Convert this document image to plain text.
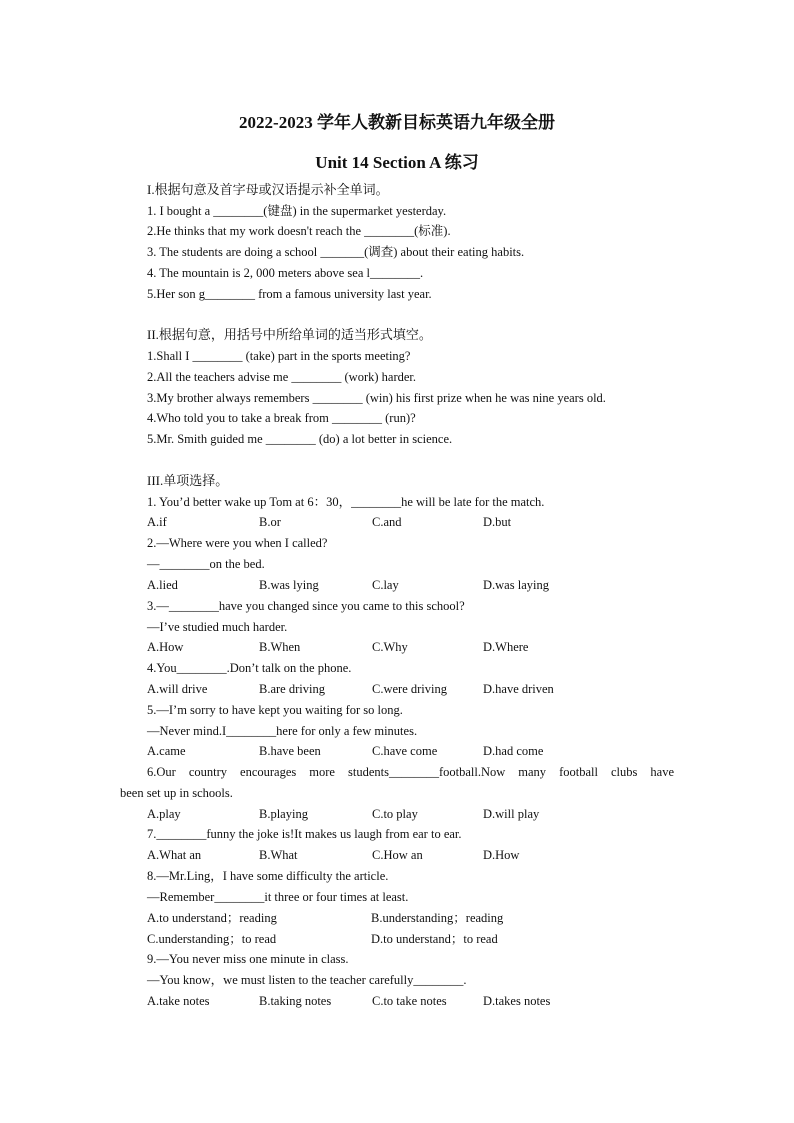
2022-2023 学年人教新目标英语九年级全册
Unit 14 Section A 练习
I.根据句意及首字母或汉语提示补全单词。
1. I bought a ________(键盘) in the supermarket yesterday.
2.He thinks that my work doesn't reach the ________(标准).
3. The students are doing a school _______(调查) about their eating habits.
4. The mountain is 2, 000 meters above sea l________.
5.Her son g________ from a famous university last year.
II.根据句意，用括号中所给单词的适当形式填空。
1.Shall I ________ (take) part in the sports meeting?
2.All the teachers advise me ________ (work) harder.
3.My brother always remembers ________ (win) his first prize when he was nine years old.
4.Who told you to take a break from ________ (run)?
5.Mr. Smith guided me ________ (do) a lot better in science.
III.单项选择。
1. You’d better wake up Tom at 6：30，________he will be late for the match.
A.if	B.or	C.and	D.but
2.—Where were you when I called?
—________on the bed.
A.lied	B.was lying	C.lay	D.was laying
3.—________have you changed since you came to this school?
—I’ve studied much harder.
A.How	B.When	C.Why	D.Where
4.You________.Don’t talk on the phone.
A.will drive	B.are driving	C.were driving	D.have driven
5.—I’m sorry to have kept you waiting for so long.
—Never mind.I________here for only a few minutes.
A.came	B.have been	C.have come	D.had come
6.Our country encourages more students________football.Now many football clubs have
been set up in schools.
A.play	B.playing	C.to play	D.will play
7.________funny the joke is!It makes us laugh from ear to ear.
A.What an	B.What	C.How an	D.How
8.—Mr.Ling，I have some difficulty the article.
—Remember________it three or four times at least.
A.to understand；reading	B.understanding；reading
C.understanding；to read	D.to understand；to read
9.—You never miss one minute in class.
—You know，we must listen to the teacher carefully________.
A.take notes	B.taking notes	C.to take notes	D.takes notes
